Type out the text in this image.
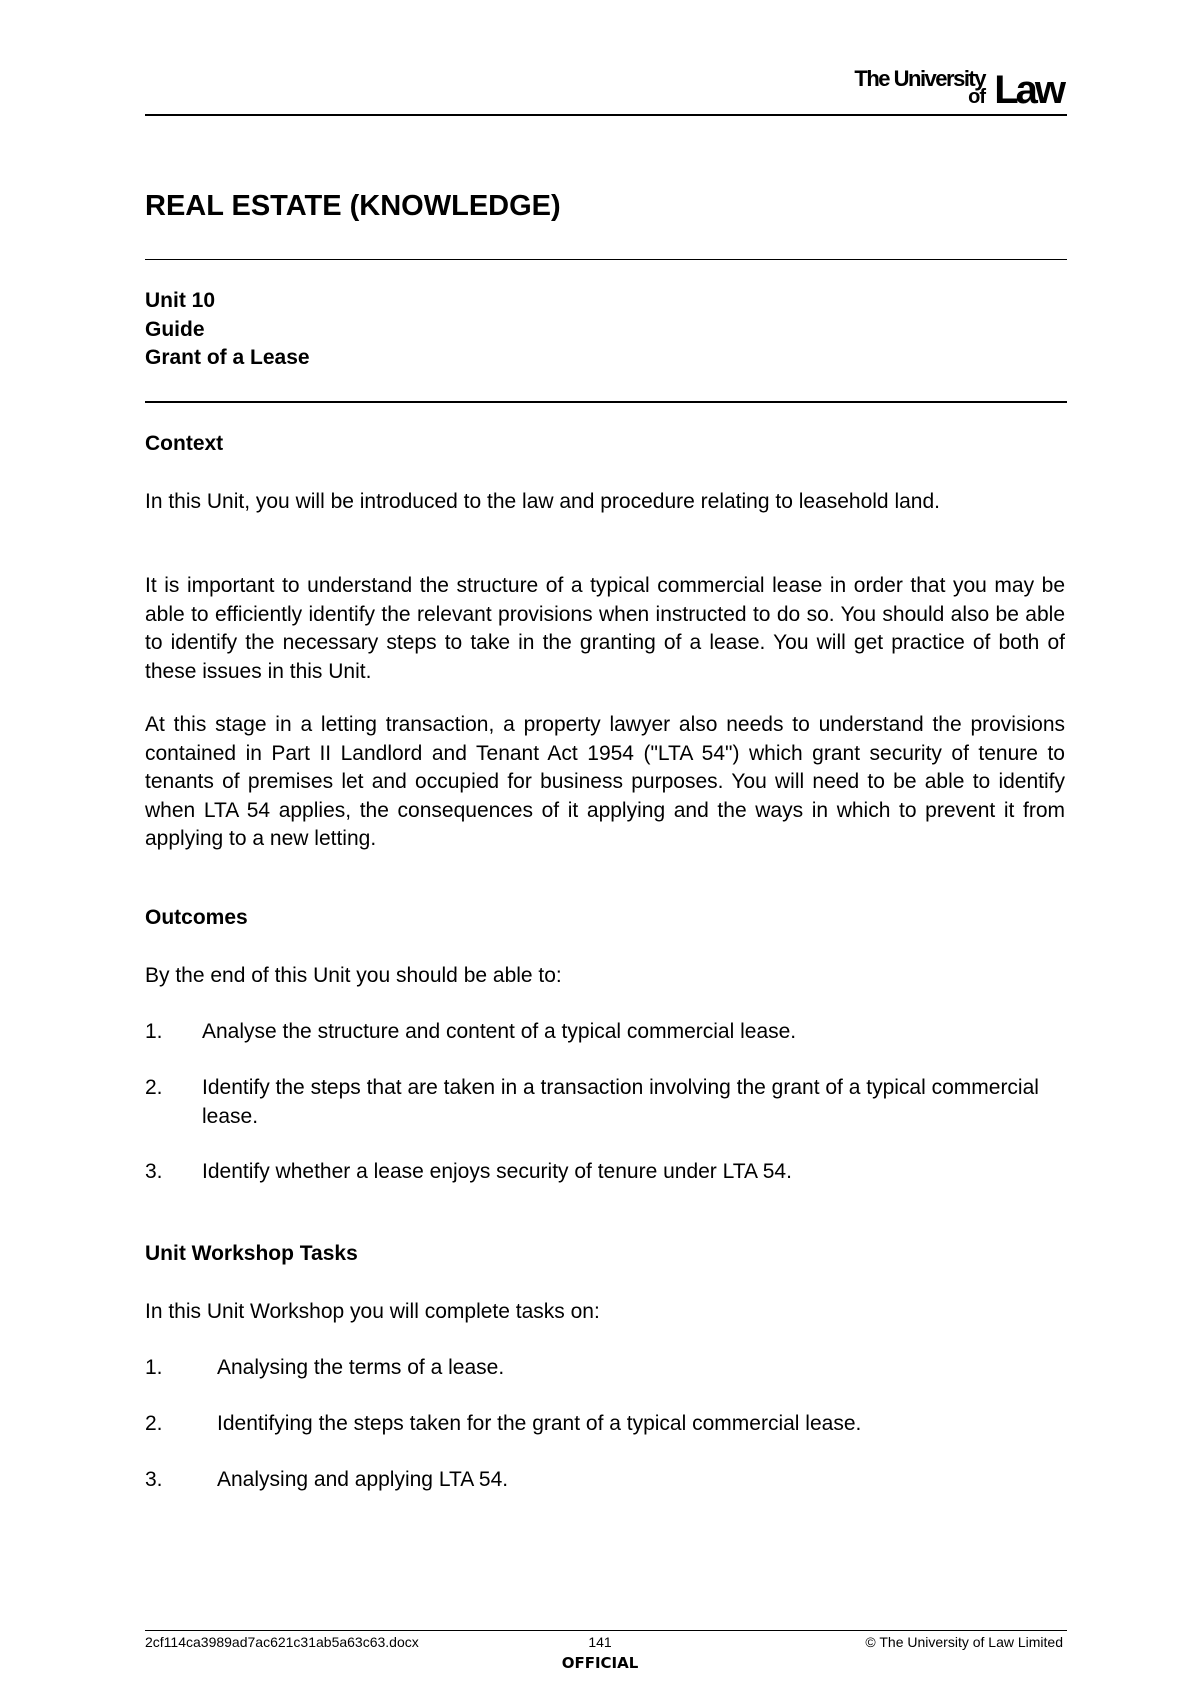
The University
of Law
REAL ESTATE (KNOWLEDGE)
Unit 10
Guide
Grant of a Lease
Context

In this Unit, you will be introduced to the law and procedure relating to leasehold land.

It is important to understand the structure of a typical commercial lease in order that you may be able to efficiently identify the relevant provisions when instructed to do so. You should also be able to identify the necessary steps to take in the granting of a lease. You will get practice of both of these issues in this Unit.

At this stage in a letting transaction, a property lawyer also needs to understand the provisions contained in Part II Landlord and Tenant Act 1954 ("LTA 54") which grant security of tenure to tenants of premises let and occupied for business purposes. You will need to be able to identify when LTA 54 applies, the consequences of it applying and the ways in which to prevent it from applying to a new letting.

Outcomes

By the end of this Unit you should be able to:

1.	Analyse the structure and content of a typical commercial lease.
2.	Identify the steps that are taken in a transaction involving the grant of a typical commercial lease.
3.	Identify whether a lease enjoys security of tenure under LTA 54.
Unit Workshop Tasks

In this Unit Workshop you will complete tasks on:

1.	Analysing the terms of a lease.
2.	Identifying the steps taken for the grant of a typical commercial lease.
3.	Analysing and applying LTA 54.
2cf114ca3989ad7ac621c31ab5a63c63.docx	141	© The University of Law Limited
OFFICIAL
